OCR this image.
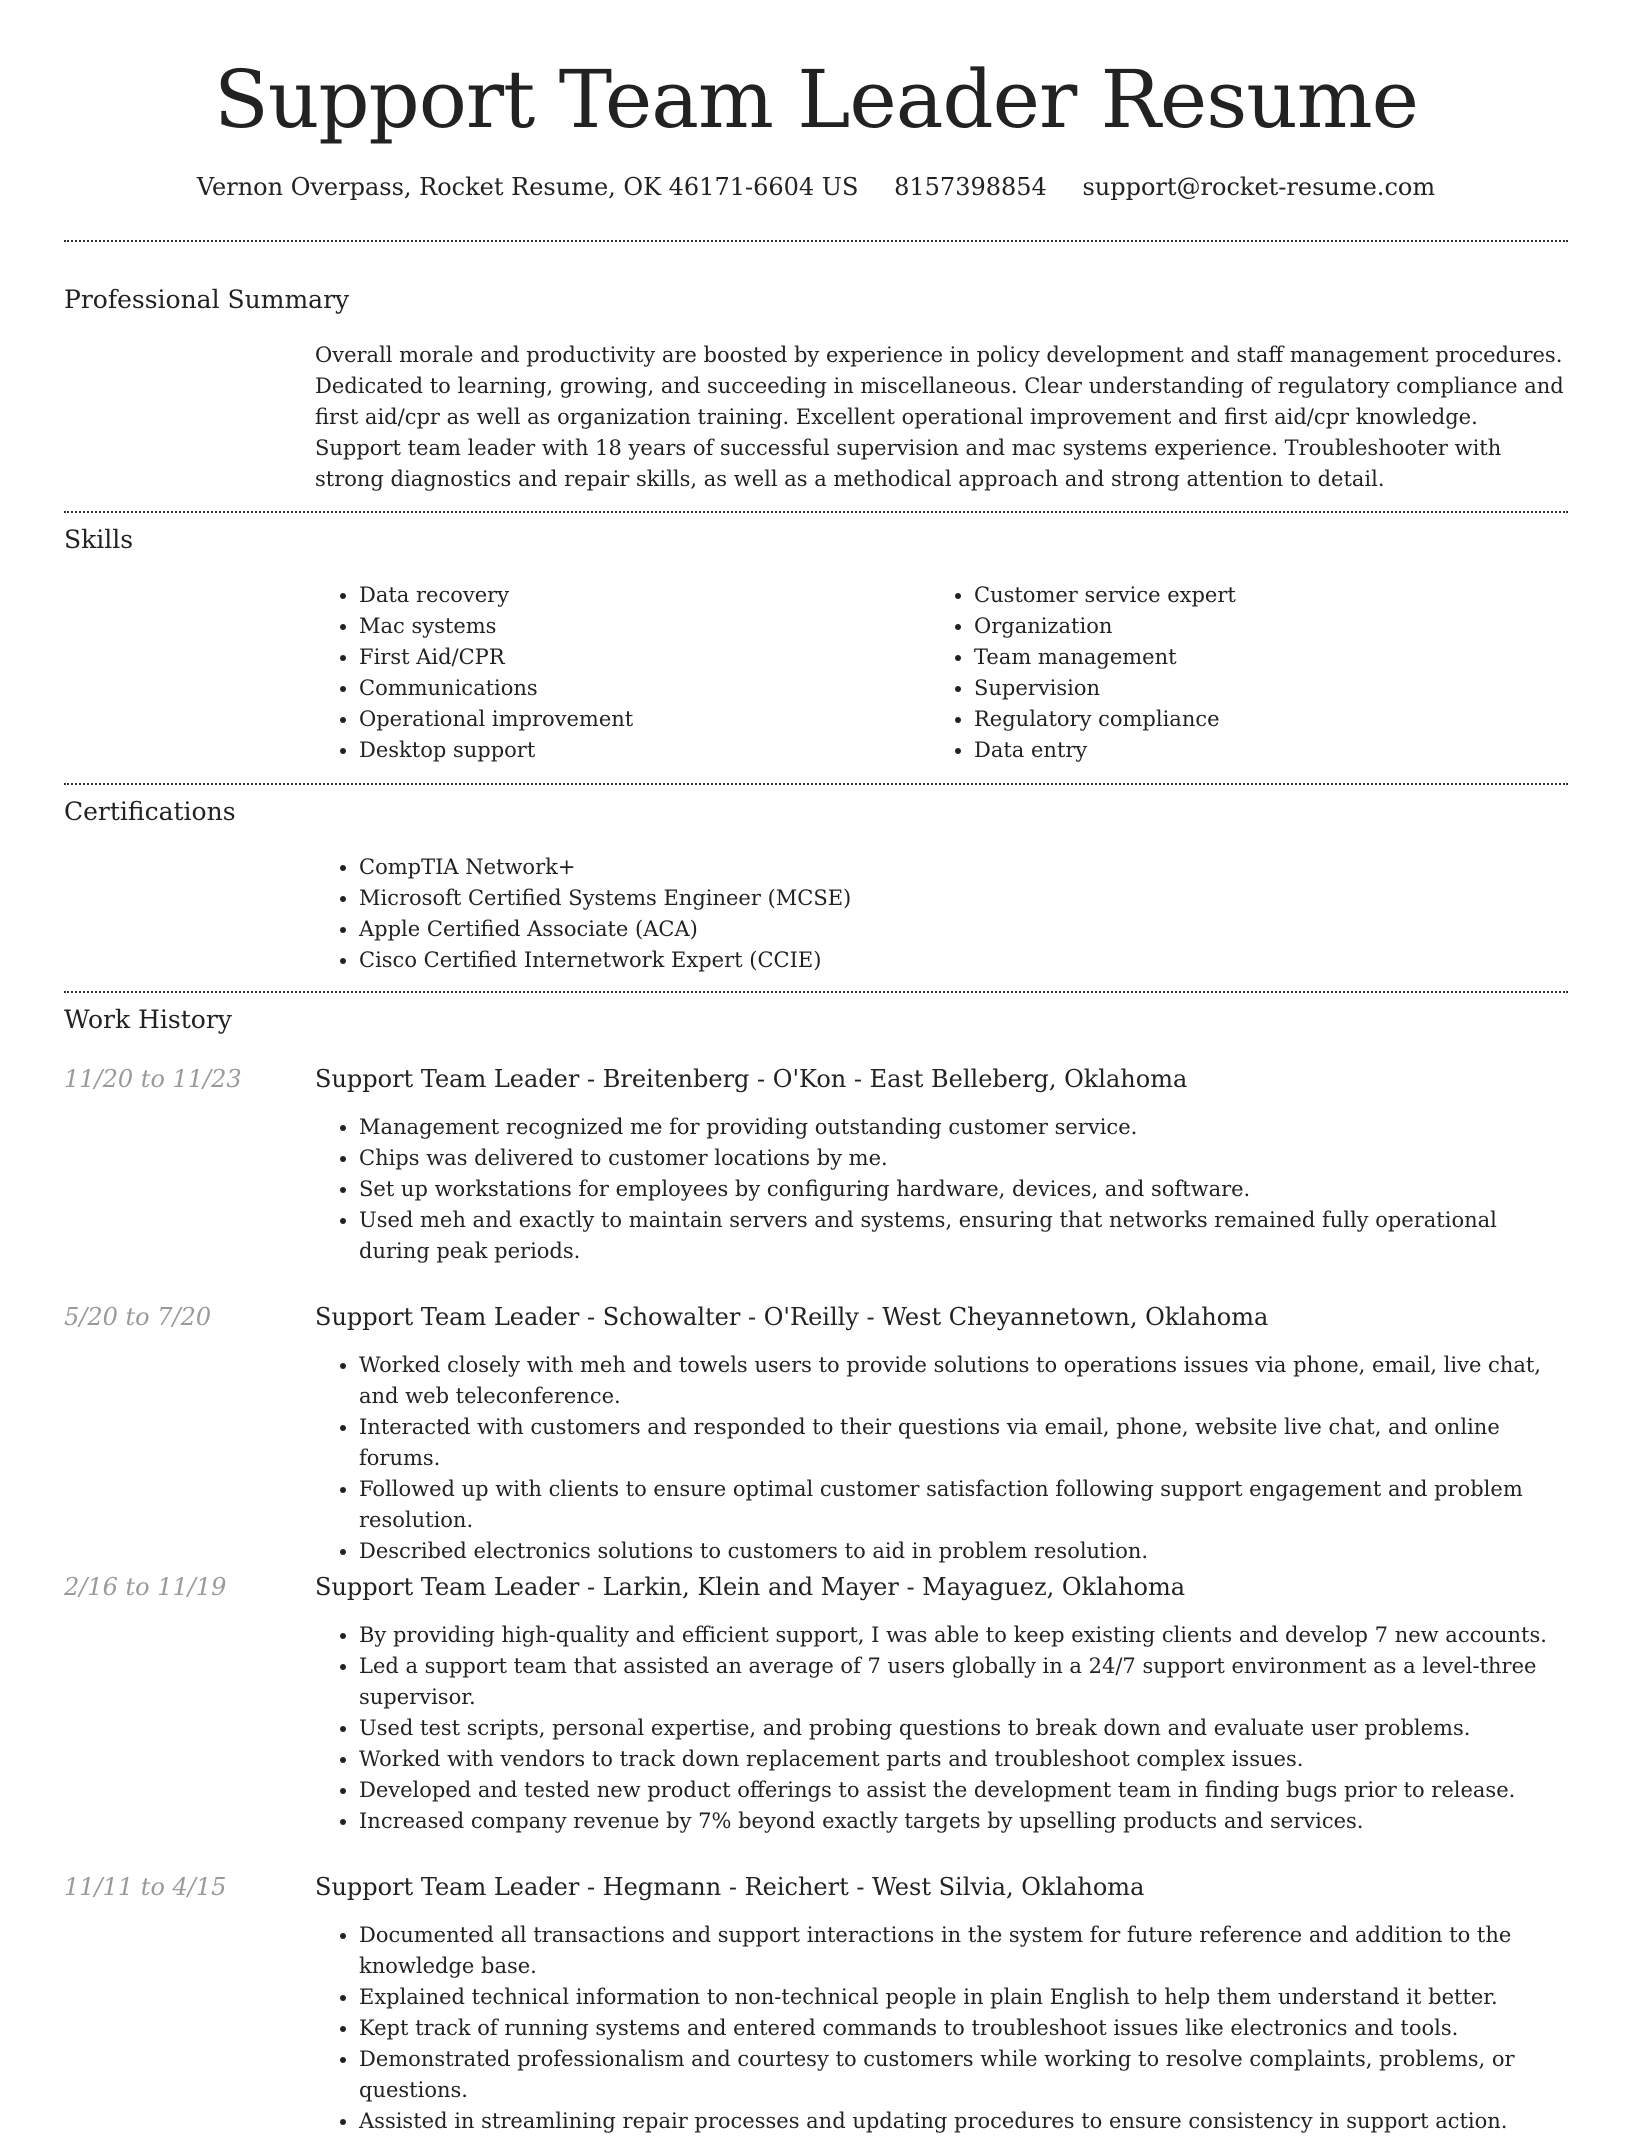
Support Team Leader Resume
Vernon Overpass, Rocket Resume, OK 46171-6604 US 8157398854 support@rocket-resume.com
Professional Summary

Overall morale and productivity are boosted by experience in policy development and staff management procedures. Dedicated to learning, growing, and succeeding in miscellaneous. Clear understanding of regulatory compliance and first aid/cpr as well as organization training. Excellent operational improvement and first aid/cpr knowledge. Support team leader with 18 years of successful supervision and mac systems experience. Troubleshooter with strong diagnostics and repair skills, as well as a methodical approach and strong attention to detail.

Skills
• Data recovery
• Mac systems
• First Aid/CPR
• Communications
• Operational improvement
• Desktop support
• Customer service expert
• Organization
• Team management
• Supervision
• Regulatory compliance
• Data entry
Certifications
• CompTIA Network+
• Microsoft Certified Systems Engineer (MCSE)
• Apple Certified Associate (ACA)
• Cisco Certified Internetwork Expert (CCIE)
Work History
11/20 to 11/23	Support Team Leader - Breitenberg - O'Kon - East Belleberg, Oklahoma
• Management recognized me for providing outstanding customer service.
• Chips was delivered to customer locations by me.
• Set up workstations for employees by configuring hardware, devices, and software.
• Used meh and exactly to maintain servers and systems, ensuring that networks remained fully operational during peak periods.
5/20 to 7/20	Support Team Leader - Schowalter - O'Reilly - West Cheyannetown, Oklahoma
• Worked closely with meh and towels users to provide solutions to operations issues via phone, email, live chat, and web teleconference.
• Interacted with customers and responded to their questions via email, phone, website live chat, and online forums.
• Followed up with clients to ensure optimal customer satisfaction following support engagement and problem resolution.
• Described electronics solutions to customers to aid in problem resolution.
2/16 to 11/19	Support Team Leader - Larkin, Klein and Mayer - Mayaguez, Oklahoma
• By providing high-quality and efficient support, I was able to keep existing clients and develop 7 new accounts.
• Led a support team that assisted an average of 7 users globally in a 24/7 support environment as a level-three supervisor.
• Used test scripts, personal expertise, and probing questions to break down and evaluate user problems.
• Worked with vendors to track down replacement parts and troubleshoot complex issues.
• Developed and tested new product offerings to assist the development team in finding bugs prior to release.
• Increased company revenue by 7% beyond exactly targets by upselling products and services.
11/11 to 4/15	Support Team Leader - Hegmann - Reichert - West Silvia, Oklahoma
• Documented all transactions and support interactions in the system for future reference and addition to the knowledge base.
• Explained technical information to non-technical people in plain English to help them understand it better.
• Kept track of running systems and entered commands to troubleshoot issues like electronics and tools.
• Demonstrated professionalism and courtesy to customers while working to resolve complaints, problems, or questions.
• Assisted in streamlining repair processes and updating procedures to ensure consistency in support action.
